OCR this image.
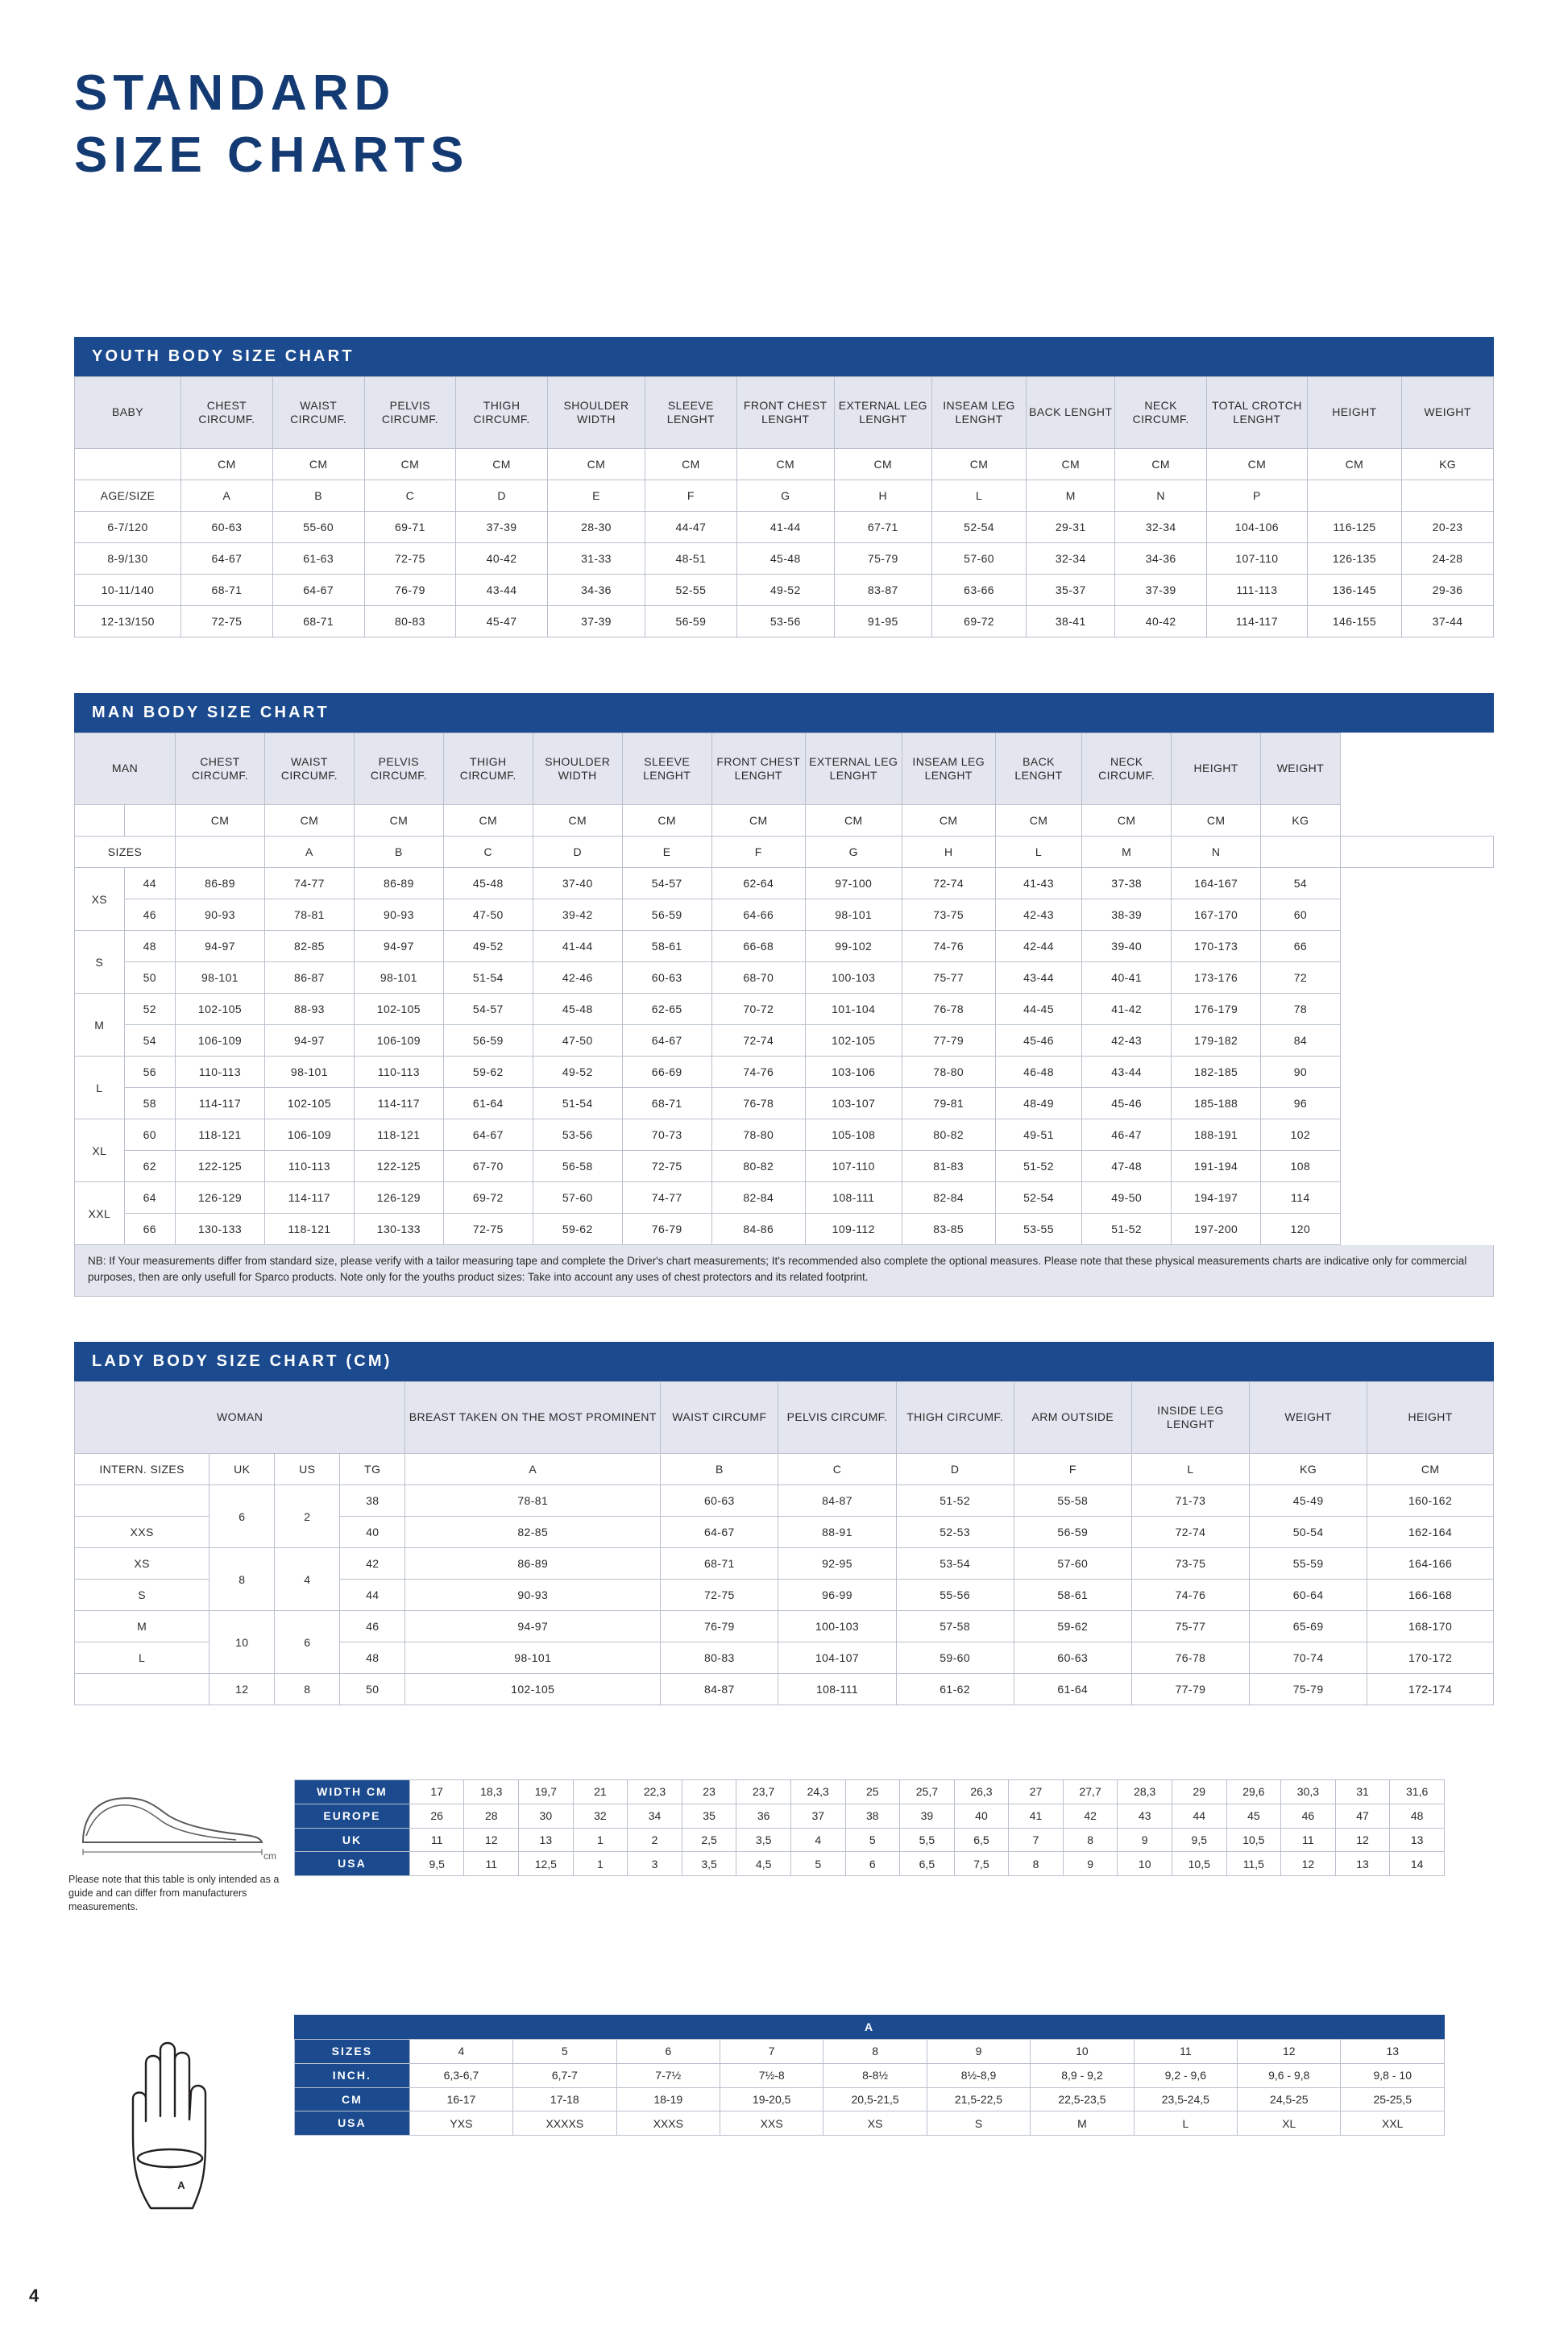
STANDARD
SIZE CHARTS
YOUTH BODY SIZE CHART
BABY	CHEST CIRCUMF.	WAIST CIRCUMF.	PELVIS CIRCUMF.	THIGH CIRCUMF.	SHOULDER WIDTH	SLEEVE LENGHT	FRONT CHEST LENGHT	EXTERNAL LEG LENGHT	INSEAM LEG LENGHT	BACK LENGHT	NECK CIRCUMF.	TOTAL CROTCH LENGHT	HEIGHT	WEIGHT
	CM	CM	CM	CM	CM	CM	CM	CM	CM	CM	CM	CM	CM	KG
AGE/SIZE	A	B	C	D	E	F	G	H	L	M	N	P		
6-7/120	60-63	55-60	69-71	37-39	28-30	44-47	41-44	67-71	52-54	29-31	32-34	104-106	116-125	20-23
8-9/130	64-67	61-63	72-75	40-42	31-33	48-51	45-48	75-79	57-60	32-34	34-36	107-110	126-135	24-28
10-11/140	68-71	64-67	76-79	43-44	34-36	52-55	49-52	83-87	63-66	35-37	37-39	111-113	136-145	29-36
12-13/150	72-75	68-71	80-83	45-47	37-39	56-59	53-56	91-95	69-72	38-41	40-42	114-117	146-155	37-44
MAN BODY SIZE CHART
MAN		CHEST CIRCUMF.	WAIST CIRCUMF.	PELVIS CIRCUMF.	THIGH CIRCUMF.	SHOULDER WIDTH	SLEEVE LENGHT	FRONT CHEST LENGHT	EXTERNAL LEG LENGHT	INSEAM LEG LENGHT	BACK LENGHT	NECK CIRCUMF.	HEIGHT	WEIGHT	
		CM	CM	CM	CM	CM	CM	CM	CM	CM	CM	CM	CM	KG	
SIZES			A	B	C	D	E	F	G	H	L	M	N		
XS	44	86-89	74-77	86-89	45-48	37-40	54-57	62-64	97-100	72-74	41-43	37-38	164-167	54	
	46	90-93	78-81	90-93	47-50	39-42	56-59	64-66	98-101	73-75	42-43	38-39	167-170	60	
S	48	94-97	82-85	94-97	49-52	41-44	58-61	66-68	99-102	74-76	42-44	39-40	170-173	66	
	50	98-101	86-87	98-101	51-54	42-46	60-63	68-70	100-103	75-77	43-44	40-41	173-176	72	
M	52	102-105	88-93	102-105	54-57	45-48	62-65	70-72	101-104	76-78	44-45	41-42	176-179	78	
	54	106-109	94-97	106-109	56-59	47-50	64-67	72-74	102-105	77-79	45-46	42-43	179-182	84	
L	56	110-113	98-101	110-113	59-62	49-52	66-69	74-76	103-106	78-80	46-48	43-44	182-185	90	
	58	114-117	102-105	114-117	61-64	51-54	68-71	76-78	103-107	79-81	48-49	45-46	185-188	96	
XL	60	118-121	106-109	118-121	64-67	53-56	70-73	78-80	105-108	80-82	49-51	46-47	188-191	102	
	62	122-125	110-113	122-125	67-70	56-58	72-75	80-82	107-110	81-83	51-52	47-48	191-194	108	
XXL	64	126-129	114-117	126-129	69-72	57-60	74-77	82-84	108-111	82-84	52-54	49-50	194-197	114	
	66	130-133	118-121	130-133	72-75	59-62	76-79	84-86	109-112	83-85	53-55	51-52	197-200	120	
NB: If Your measurements differ from standard size, please verify with a tailor measuring tape and complete the Driver's chart measurements; It's recommended also complete the optional measures. Please note that these physical measurements charts are indicative only for commercial purposes, then are only usefull for Sparco products. Note only for the youths product sizes: Take into account any uses of chest protectors and its related footprint.
LADY BODY SIZE CHART (CM)
WOMAN				BREAST TAKEN ON THE MOST PROMINENT	WAIST CIRCUMF	PELVIS CIRCUMF.	THIGH CIRCUMF.	ARM OUTSIDE	INSIDE LEG LENGHT	WEIGHT	HEIGHT
INTERN. SIZES	UK	US	TG	A	B	C	D	F	L	KG	CM
	6	2	38	78-81	60-63	84-87	51-52	55-58	71-73	45-49	160-162
XXS			40	82-85	64-67	88-91	52-53	56-59	72-74	50-54	162-164
XS	8	4	42	86-89	68-71	92-95	53-54	57-60	73-75	55-59	164-166
S			44	90-93	72-75	96-99	55-56	58-61	74-76	60-64	166-168
M	10	6	46	94-97	76-79	100-103	57-58	59-62	75-77	65-69	168-170
L			48	98-101	80-83	104-107	59-60	60-63	76-78	70-74	170-172
	12	8	50	102-105	84-87	108-111	61-62	61-64	77-79	75-79	172-174
cm
Please note that this table is only intended as a guide and can differ from manufacturers measurements.
WIDTH CM	17	18,3	19,7	21	22,3	23	23,7	24,3	25	25,7	26,3	27	27,7	28,3	29	29,6	30,3	31	31,6
EUROPE	26	28	30	32	34	35	36	37	38	39	40	41	42	43	44	45	46	47	48
UK	11	12	13	1	2	2,5	3,5	4	5	5,5	6,5	7	8	9	9,5	10,5	11	12	13
USA	9,5	11	12,5	1	3	3,5	4,5	5	6	6,5	7,5	8	9	10	10,5	11,5	12	13	14
A
A
SIZES	4	5	6	7	8	9	10	11	12	13
INCH.	6,3-6,7	6,7-7	7-7½	7½-8	8-8½	8½-8,9	8,9 - 9,2	9,2 - 9,6	9,6 - 9,8	9,8 - 10
CM	16-17	17-18	18-19	19-20,5	20,5-21,5	21,5-22,5	22,5-23,5	23,5-24,5	24,5-25	25-25,5
USA	YXS	XXXXS	XXXS	XXS	XS	S	M	L	XL	XXL
4
